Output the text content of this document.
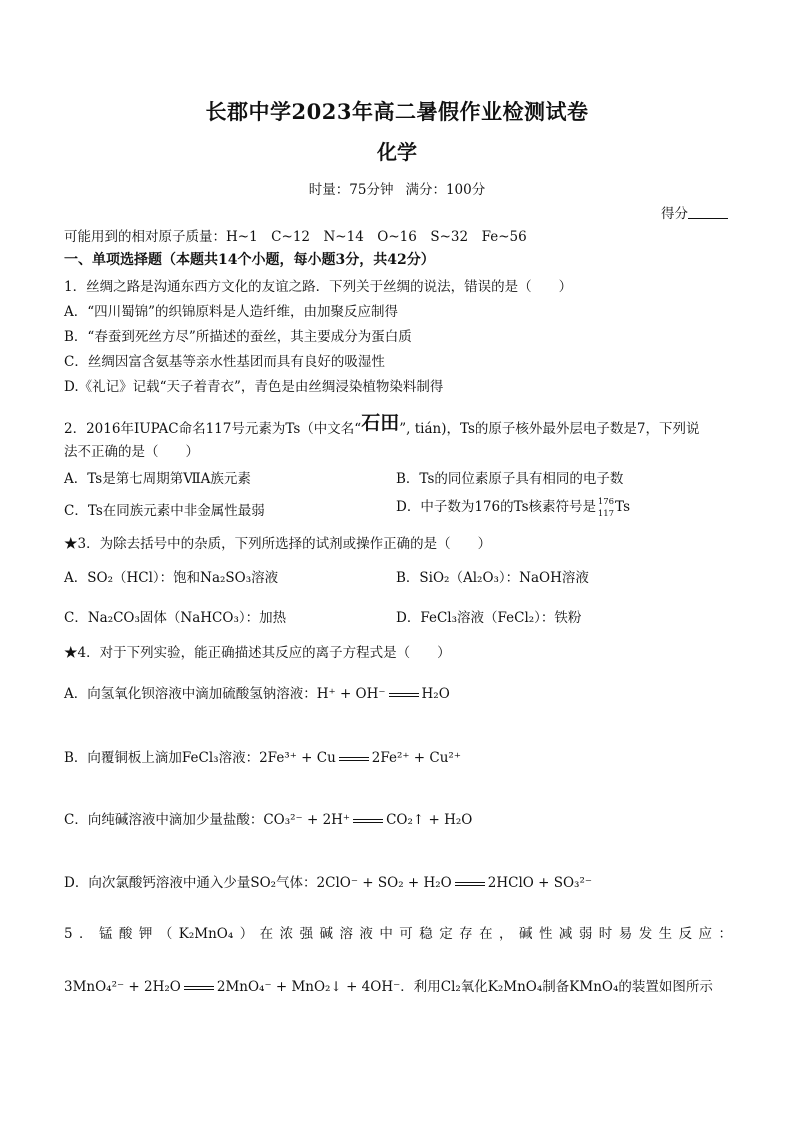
长郡中学2023年高二暑假作业检测试卷
化学
时量：75分钟 满分：100分
得分
可能用到的相对原子质量：H~1　C~12　N~14　O~16　S~32　Fe~56
一、单项选择题（本题共14个小题，每小题3分，共42分）
1．丝绸之路是沟通东西方文化的友谊之路．下列关于丝绸的说法，错误的是（　　）
A．“四川蜀锦”的织锦原料是人造纤维，由加聚反应制得
B．“春蚕到死丝方尽”所描述的蚕丝，其主要成分为蛋白质
C．丝绸因富含氨基等亲水性基团而具有良好的吸湿性
D.《礼记》记载“天子着青衣”，青色是由丝绸浸染植物染料制得
2．2016年IUPAC命名117号元素为Ts（中文名“石田”, tián)，Ts的原子核外最外层电子数是7，下列说
法不正确的是（　　）
A．Ts是第七周期第ⅦA族元素	B．Ts的同位素原子具有相同的电子数
C．Ts在同族元素中非金属性最弱	D．中子数为176的Ts核素符号是 176
117 Ts
★3．为除去括号中的杂质，下列所选择的试剂或操作正确的是（　　）
A．SO₂（HCl）：饱和Na₂SO₃溶液	B．SiO₂（Al₂O₃）：NaOH溶液
C．Na₂CO₃固体（NaHCO₃）：加热	D．FeCl₃溶液（FeCl₂）：铁粉
★4．对于下列实验，能正确描述其反应的离子方程式是（　　）
A．向氢氧化钡溶液中滴加硫酸氢钠溶液：H⁺ + OH⁻	H₂O
B．向覆铜板上滴加FeCl₃溶液：2Fe³⁺ + Cu	2Fe²⁺ + Cu²⁺
C．向纯碱溶液中滴加少量盐酸：CO₃²⁻ + 2H⁺	CO₂↑ + H₂O
D．向次氯酸钙溶液中通入少量SO₂气体：2ClO⁻ + SO₂ + H₂O	2HClO + SO₃²⁻
5．锰酸钾（K₂MnO₄）在浓强碱溶液中可稳定存在，碱性减弱时易发生反应：
3MnO₄²⁻ + 2H₂O	2MnO₄⁻ + MnO₂↓ + 4OH⁻．利用Cl₂氧化K₂MnO₄制备KMnO₄的装置如图所示
